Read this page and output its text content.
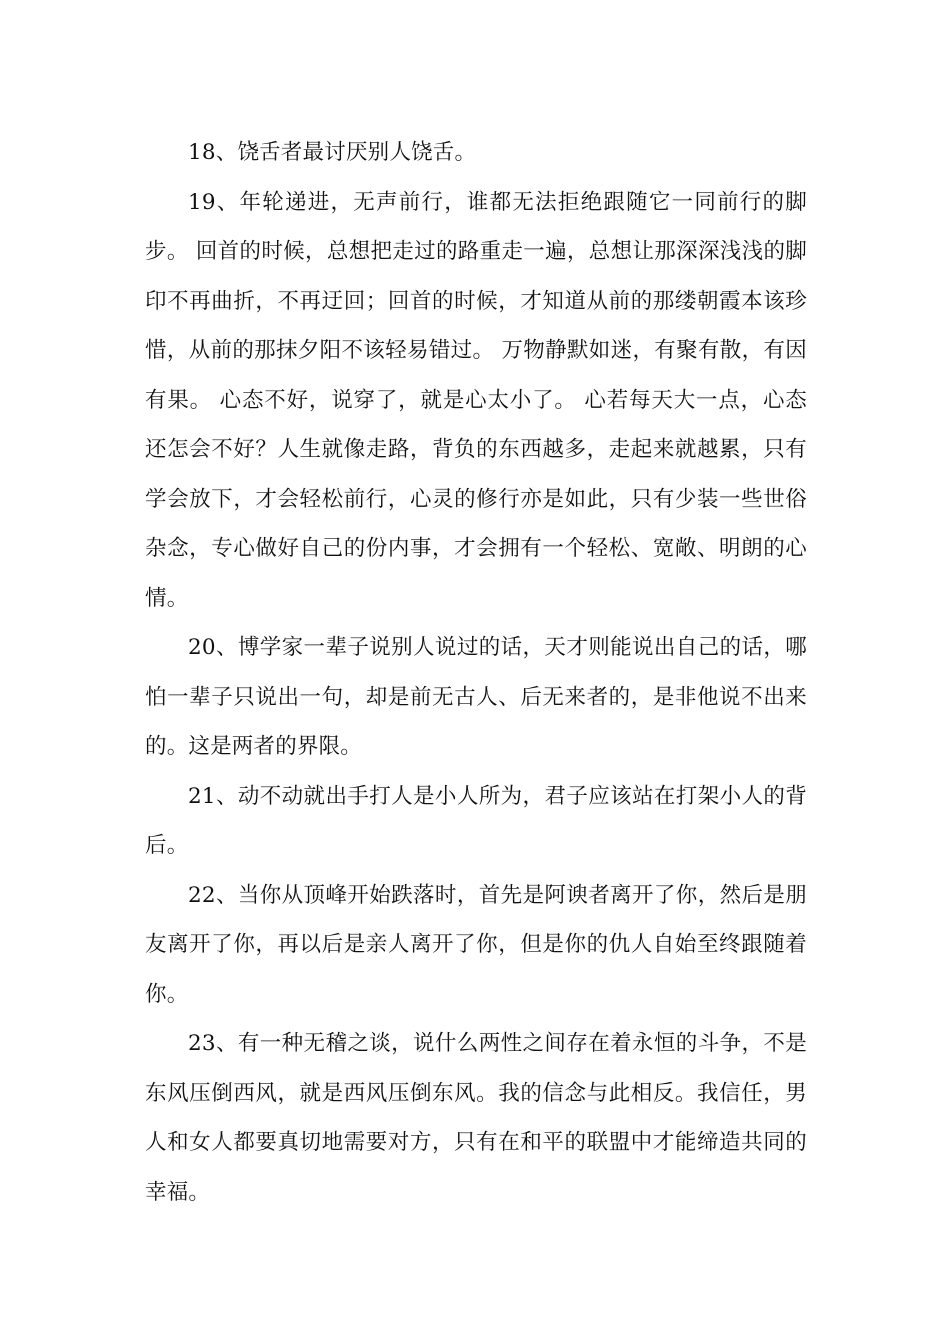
18、饶舌者最讨厌别人饶舌。

19、年轮递进，无声前行，谁都无法拒绝跟随它一同前行的脚步。 回首的时候，总想把走过的路重走一遍，总想让那深深浅浅的脚印不再曲折，不再迂回；回首的时候，才知道从前的那缕朝霞本该珍惜，从前的那抹夕阳不该轻易错过。 万物静默如迷，有聚有散，有因有果。 心态不好，说穿了，就是心太小了。 心若每天大一点，心态还怎会不好？人生就像走路，背负的东西越多，走起来就越累，只有学会放下，才会轻松前行，心灵的修行亦是如此，只有少装一些世俗杂念，专心做好自己的份内事，才会拥有一个轻松、宽敞、明朗的心情。

20、博学家一辈子说别人说过的话，天才则能说出自己的话，哪怕一辈子只说出一句，却是前无古人、后无来者的，是非他说不出来的。这是两者的界限。

21、动不动就出手打人是小人所为，君子应该站在打架小人的背后。

22、当你从顶峰开始跌落时，首先是阿谀者离开了你，然后是朋友离开了你，再以后是亲人离开了你，但是你的仇人自始至终跟随着你。

23、有一种无稽之谈，说什么两性之间存在着永恒的斗争，不是东风压倒西风，就是西风压倒东风。我的信念与此相反。我信任，男人和女人都要真切地需要对方，只有在和平的联盟中才能缔造共同的幸福。
